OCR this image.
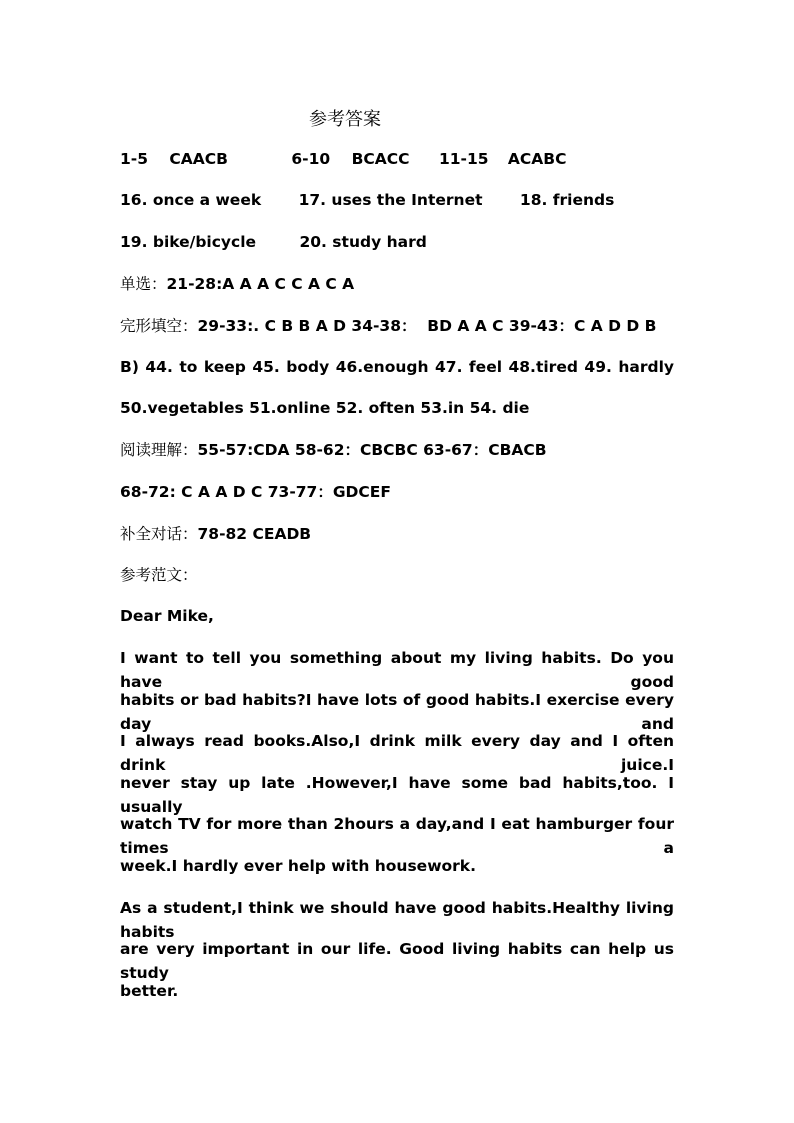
参考答案
1-5 CAACB	6-10 BCACC 11-15 ACABC
16. once a week 17. uses the Internet 18. friends
19. bike/bicycle	20. study hard
单选：21-28:A A A C C A C A
完形填空：29-33:. C B B A D 34-38：  BD A A C 39-43：C A D D B
B) 44. to keep 45. body 46.enough 47. feel 48.tired 49. hardly
50.vegetables 51.online 52. often 53.in 54. die
阅读理解：55-57:CDA 58-62：CBCBC 63-67：CBACB
68-72: C A A D C 73-77：GDCEF
补全对话：78-82 CEADB
参考范文：
Dear Mike,
I want to tell you something about my living habits. Do you have good
habits or bad habits?I have lots of good habits.I exercise every day and
I always read books.Also,I drink milk every day and I often drink juice.I
never stay up late .However,I have some bad habits,too. I usually
watch TV for more than 2hours a day,and I eat hamburger four times a
week.I hardly ever help with housework.
As a student,I think we should have good habits.Healthy living habits
are very important in our life. Good living habits can help us study
better.
